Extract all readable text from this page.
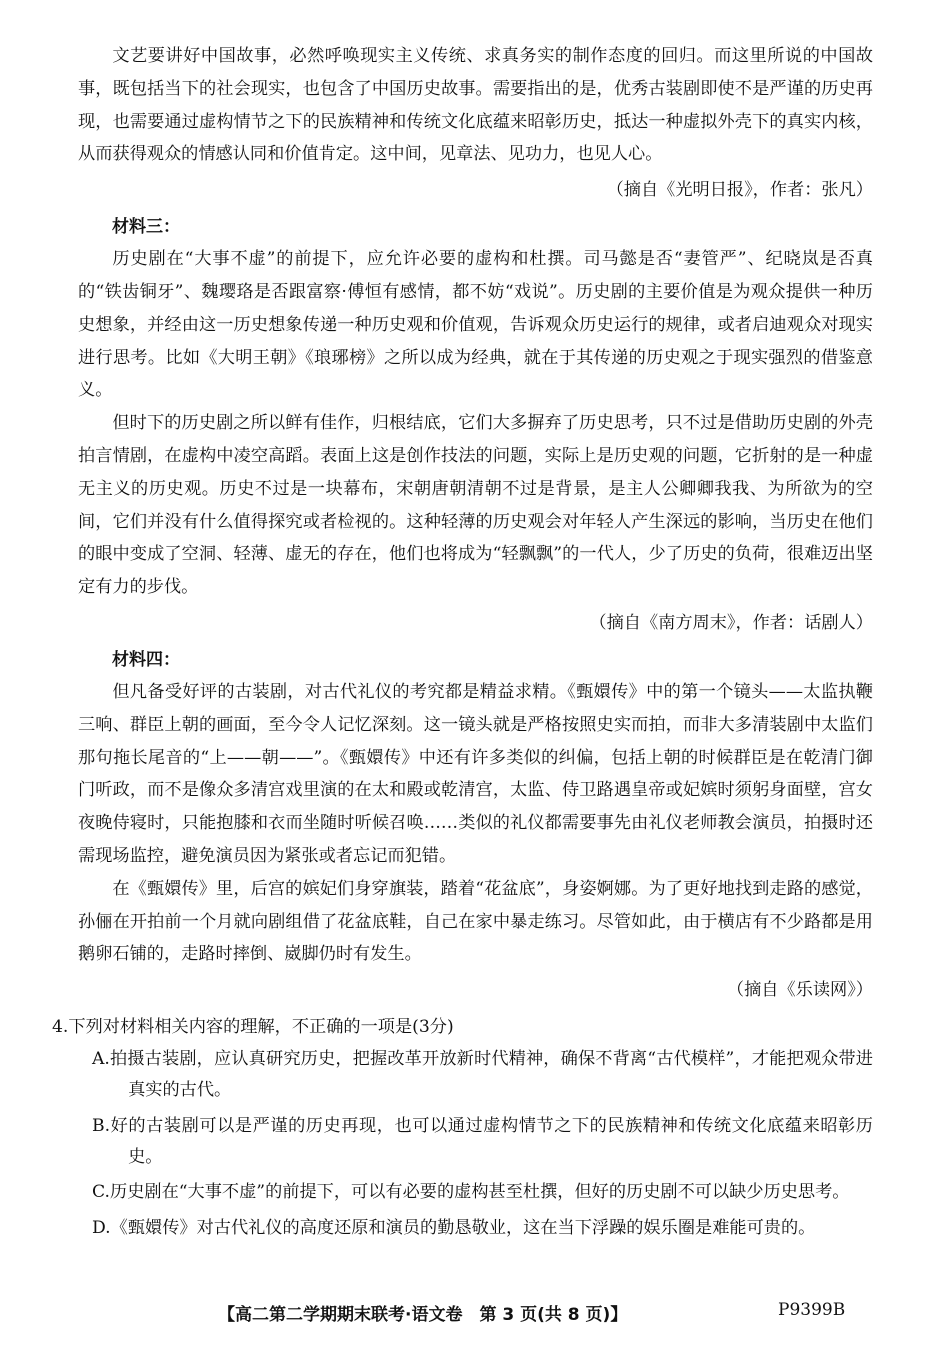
文艺要讲好中国故事，必然呼唤现实主义传统、求真务实的制作态度的回归。而这里所说的中国故事，既包括当下的社会现实，也包含了中国历史故事。需要指出的是，优秀古装剧即使不是严谨的历史再现，也需要通过虚构情节之下的民族精神和传统文化底蕴来昭彰历史，抵达一种虚拟外壳下的真实内核，从而获得观众的情感认同和价值肯定。这中间，见章法、见功力，也见人心。

（摘自《光明日报》，作者：张凡）

材料三：

历史剧在“大事不虚”的前提下，应允许必要的虚构和杜撰。司马懿是否“妻管严”、纪晓岚是否真的“铁齿铜牙”、魏璎珞是否跟富察·傅恒有感情，都不妨“戏说”。历史剧的主要价值是为观众提供一种历史想象，并经由这一历史想象传递一种历史观和价值观，告诉观众历史运行的规律，或者启迪观众对现实进行思考。比如《大明王朝》《琅琊榜》之所以成为经典，就在于其传递的历史观之于现实强烈的借鉴意义。

但时下的历史剧之所以鲜有佳作，归根结底，它们大多摒弃了历史思考，只不过是借助历史剧的外壳拍言情剧，在虚构中凌空高蹈。表面上这是创作技法的问题，实际上是历史观的问题，它折射的是一种虚无主义的历史观。历史不过是一块幕布，宋朝唐朝清朝不过是背景，是主人公卿卿我我、为所欲为的空间，它们并没有什么值得探究或者检视的。这种轻薄的历史观会对年轻人产生深远的影响，当历史在他们的眼中变成了空洞、轻薄、虚无的存在，他们也将成为“轻飘飘”的一代人，少了历史的负荷，很难迈出坚定有力的步伐。

（摘自《南方周末》，作者：话剧人）

材料四：

但凡备受好评的古装剧，对古代礼仪的考究都是精益求精。《甄嬛传》中的第一个镜头——太监执鞭三响、群臣上朝的画面，至今令人记忆深刻。这一镜头就是严格按照史实而拍，而非大多清装剧中太监们那句拖长尾音的“上——朝——”。《甄嬛传》中还有许多类似的纠偏，包括上朝的时候群臣是在乾清门御门听政，而不是像众多清宫戏里演的在太和殿或乾清宫，太监、侍卫路遇皇帝或妃嫔时须躬身面壁，宫女夜晚侍寝时，只能抱膝和衣而坐随时听候召唤……类似的礼仪都需要事先由礼仪老师教会演员，拍摄时还需现场监控，避免演员因为紧张或者忘记而犯错。

在《甄嬛传》里，后宫的嫔妃们身穿旗装，踏着“花盆底”，身姿婀娜。为了更好地找到走路的感觉，孙俪在开拍前一个月就向剧组借了花盆底鞋，自己在家中暴走练习。尽管如此，由于横店有不少路都是用鹅卵石铺的，走路时摔倒、崴脚仍时有发生。

（摘自《乐读网》）

4.下列对材料相关内容的理解，不正确的一项是(3分)

A.拍摄古装剧，应认真研究历史，把握改革开放新时代精神，确保不背离“古代模样”，才能把观众带进真实的古代。

B.好的古装剧可以是严谨的历史再现，也可以通过虚构情节之下的民族精神和传统文化底蕴来昭彰历史。

C.历史剧在“大事不虚”的前提下，可以有必要的虚构甚至杜撰，但好的历史剧不可以缺少历史思考。

D.《甄嬛传》对古代礼仪的高度还原和演员的勤恳敬业，这在当下浮躁的娱乐圈是难能可贵的。

【高二第二学期期末联考·语文卷　第 3 页(共 8 页)】	P9399B
